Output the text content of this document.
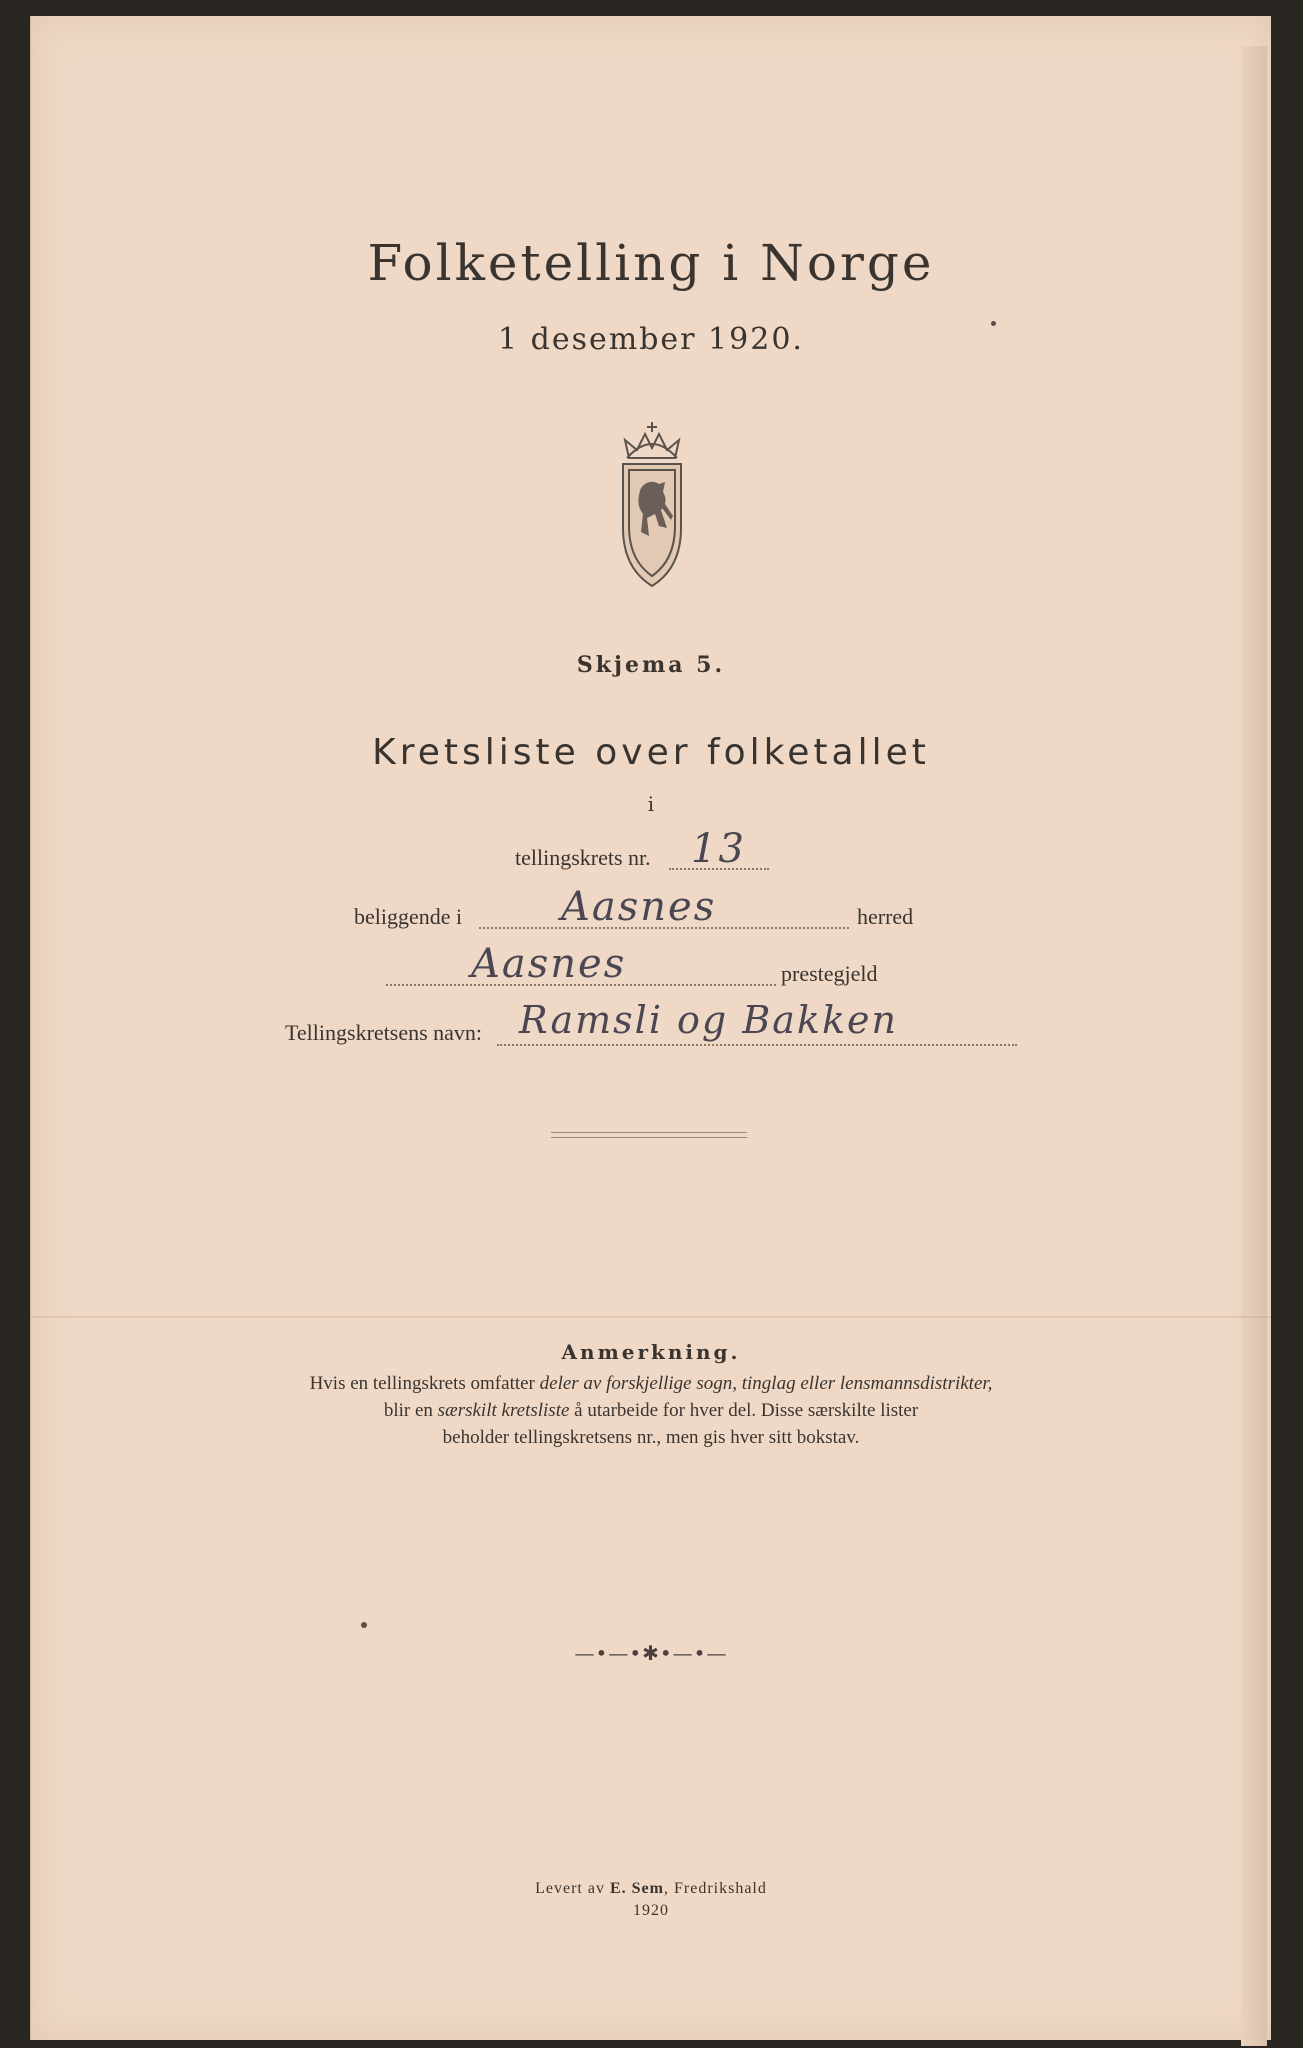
Folketelling i Norge
1 desember 1920.
Skjema 5.
Kretsliste over folketallet
i
tellingskrets nr. 13
beliggende i Aasnes	herred
Aasnes	prestegjeld
Tellingskretsens navn: Ramsli og Bakken
Anmerkning.
Hvis en tellingskrets omfatter deler av forskjellige sogn, tinglag eller lensmannsdistrikter,
blir en særskilt kretsliste å utarbeide for hver del. Disse særskilte lister
beholder tellingskretsens nr., men gis hver sitt bokstav.
—•—•✱•—•—
Levert av E. Sem, Fredrikshald
1920
